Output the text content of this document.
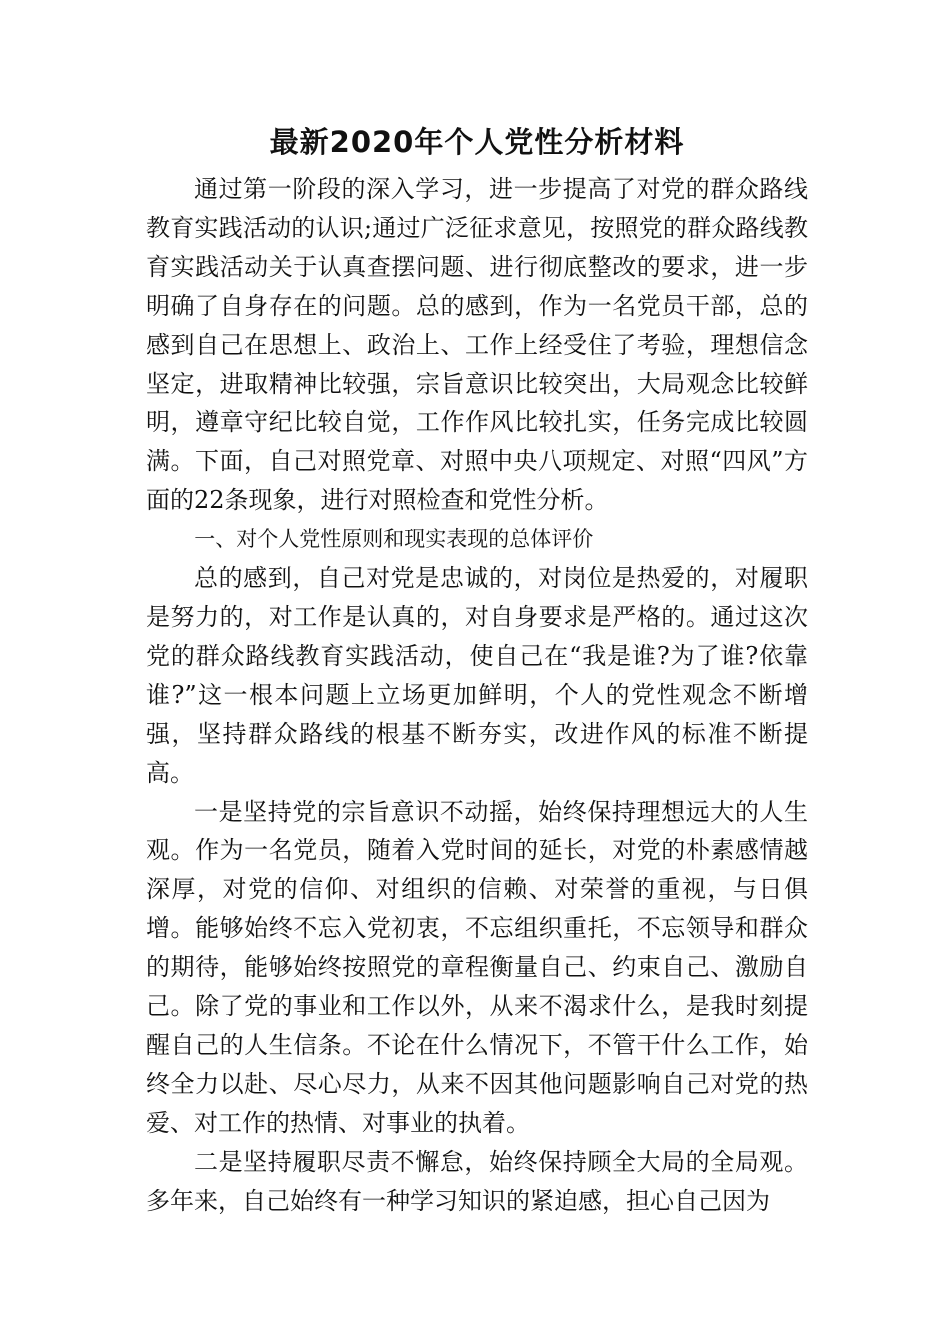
最新2020年个人党性分析材料

通过第一阶段的深入学习，进一步提高了对党的群众路线教育实践活动的认识;通过广泛征求意见，按照党的群众路线教育实践活动关于认真查摆问题、进行彻底整改的要求，进一步明确了自身存在的问题。总的感到，作为一名党员干部，总的感到自己在思想上、政治上、工作上经受住了考验，理想信念坚定，进取精神比较强，宗旨意识比较突出，大局观念比较鲜明，遵章守纪比较自觉，工作作风比较扎实，任务完成比较圆满。下面，自己对照党章、对照中央八项规定、对照“四风”方面的22条现象，进行对照检查和党性分析。

一、对个人党性原则和现实表现的总体评价

总的感到，自己对党是忠诚的，对岗位是热爱的，对履职是努力的，对工作是认真的，对自身要求是严格的。通过这次党的群众路线教育实践活动，使自己在“我是谁?为了谁?依靠谁?”这一根本问题上立场更加鲜明，个人的党性观念不断增强，坚持群众路线的根基不断夯实，改进作风的标准不断提高。

一是坚持党的宗旨意识不动摇，始终保持理想远大的人生观。作为一名党员，随着入党时间的延长，对党的朴素感情越深厚，对党的信仰、对组织的信赖、对荣誉的重视，与日俱增。能够始终不忘入党初衷，不忘组织重托，不忘领导和群众的期待，能够始终按照党的章程衡量自己、约束自己、激励自己。除了党的事业和工作以外，从来不渴求什么，是我时刻提醒自己的人生信条。不论在什么情况下，不管干什么工作，始终全力以赴、尽心尽力，从来不因其他问题影响自己对党的热爱、对工作的热情、对事业的执着。

二是坚持履职尽责不懈怠，始终保持顾全大局的全局观。多年来，自己始终有一种学习知识的紧迫感，担心自己因为
